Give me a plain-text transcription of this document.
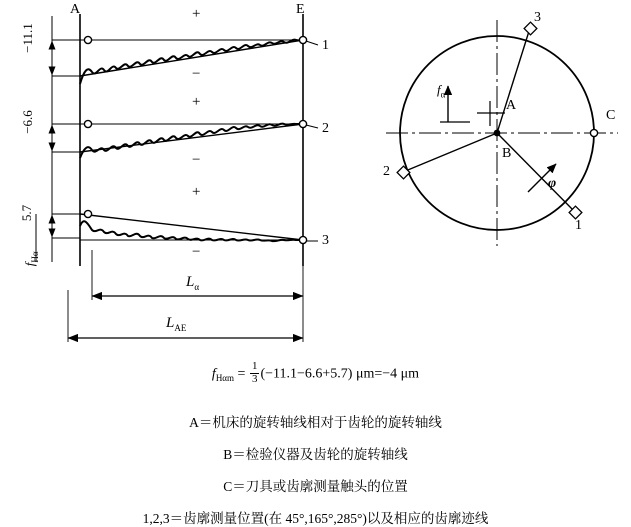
A	E
−11.1
−6.6
5.7
$f_{H\alpha}$
+
−
+
−
+
−
1
2
3
$L_\alpha$
$L_{AE}$
3
2
1
A
B
C
$f_\alpha$
φ
$f_{H\alpha m} = \frac{1}{3} (-11.1-6.6+5.7)$ μm=−4 μm
A＝机床的旋转轴线相对于齿轮的旋转轴线
B＝检验仪器及齿轮的旋转轴线
C＝刀具或齿廓测量触头的位置
1,2,3＝齿廓测量位置(在 45°,165°,285°)以及相应的齿廓迹线
